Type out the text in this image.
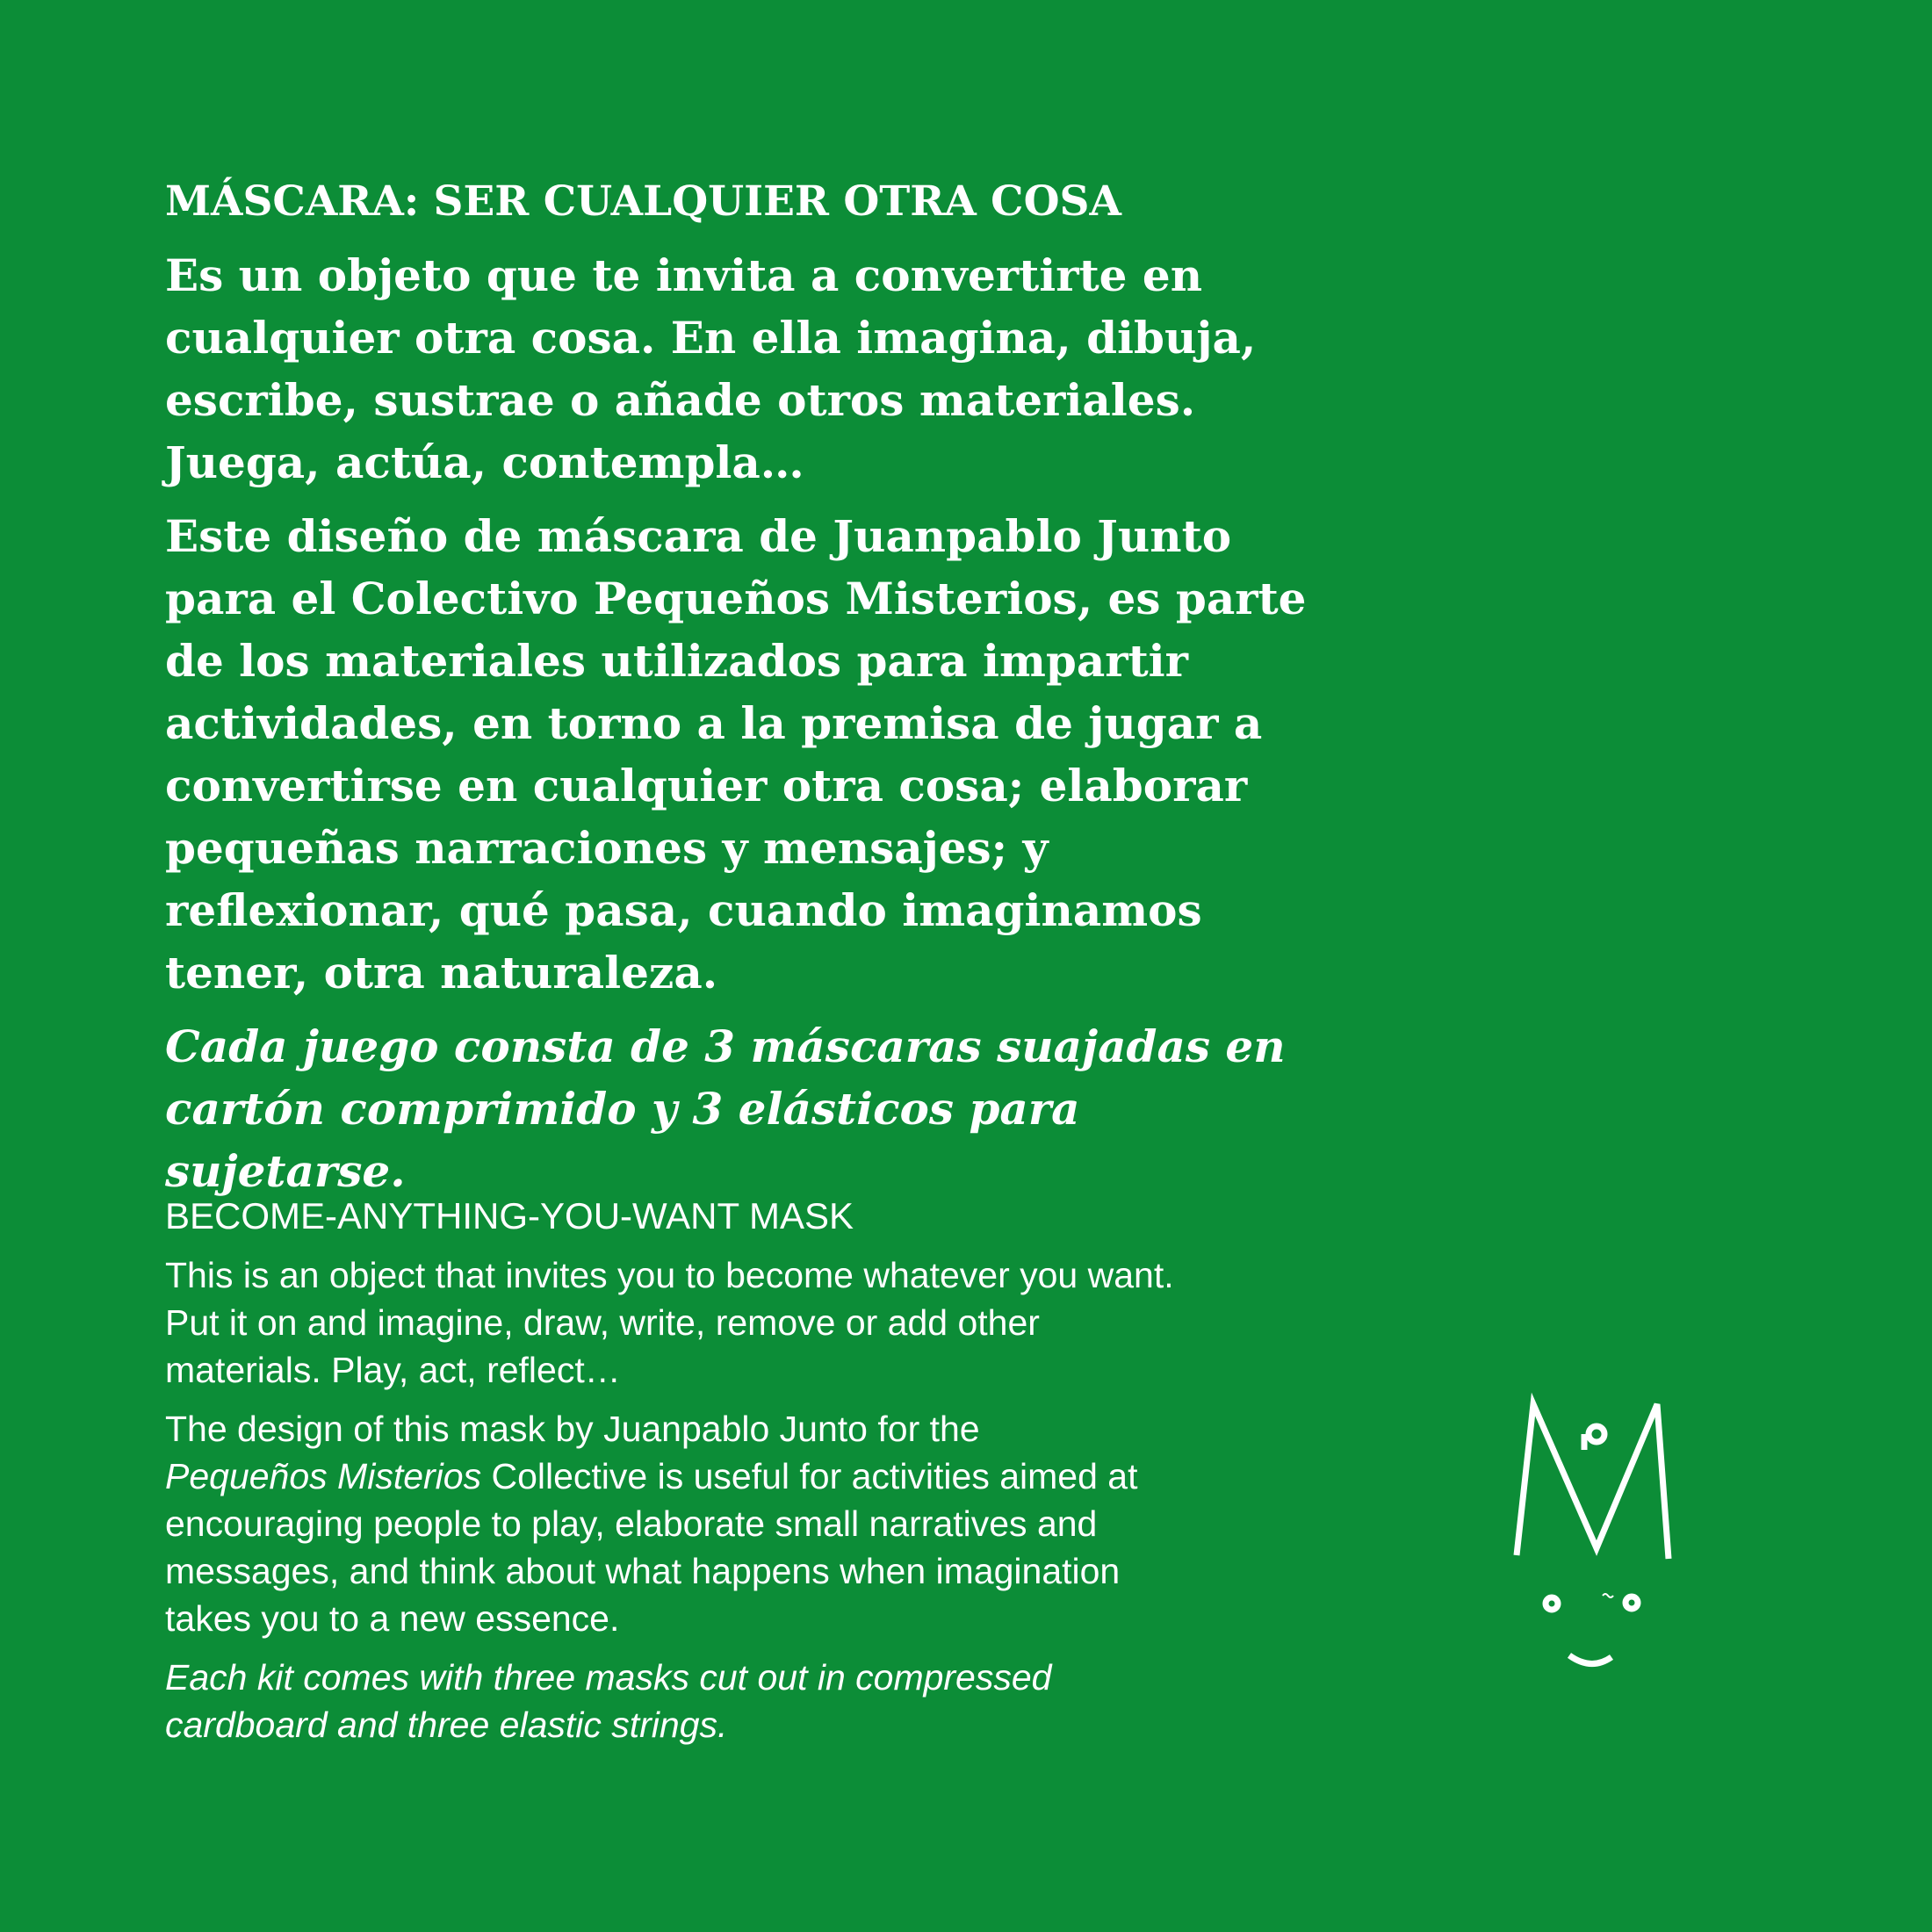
MÁSCARA: SER CUALQUIER OTRA COSA
Es un objeto que te invita a convertirte en
cualquier otra cosa. En ella imagina, dibuja,
escribe, sustrae o añade otros materiales.
Juega, actúa, contempla…
Este diseño de máscara de Juanpablo Junto
para el Colectivo Pequeños Misterios, es parte
de los materiales utilizados para impartir
actividades, en torno a la premisa de jugar a
convertirse en cualquier otra cosa; elaborar
pequeñas narraciones y mensajes; y
reflexionar, qué pasa, cuando imaginamos
tener, otra naturaleza.
Cada juego consta de 3 máscaras suajadas en
cartón comprimido y 3 elásticos para sujetarse.
BECOME-ANYTHING-YOU-WANT MASK
This is an object that invites you to become whatever you want.
Put it on and imagine, draw, write, remove or add other
materials. Play, act, reflect…
The design of this mask by Juanpablo Junto for the
Pequeños Misterios Collective is useful for activities aimed at
encouraging people to play, elaborate small narratives and
messages, and think about what happens when imagination
takes you to a new essence.
Each kit comes with three masks cut out in compressed
cardboard and three elastic strings.
